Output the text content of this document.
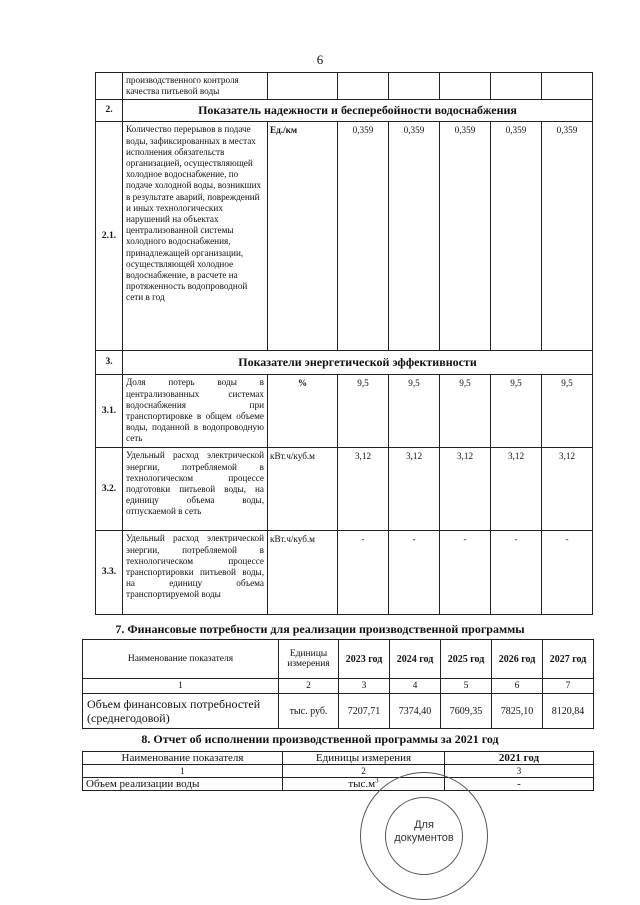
6
	производственного контроля качества питьевой воды						
2.	Показатель надежности и бесперебойности водоснабжения						
2.1.	Количество перерывов в подаче воды, зафиксированных в местах исполнения обязательств организацией, осуществляющей холодное водоснабжение, по подаче холодной воды, возникших в результате аварий, повреждений и иных технологических нарушений на объектах централизованной системы холодного водоснабжения, принадлежащей организации, осуществляющей холодное водоснабжение, в расчете на протяженность водопроводной сети в год	Ед./км	0,359	0,359	0,359	0,359	0,359
3.	Показатели энергетической эффективности						
3.1.	Доля потерь воды в централизованных системах водоснабжения при транспортировке в общем объеме воды, поданной в водопроводную сеть	%	9,5	9,5	9,5	9,5	9,5
3.2.	Удельный расход электрической энергии, потребляемой в технологическом процессе подготовки питьевой воды, на единицу объема воды, отпускаемой в сеть	кВт.ч/куб.м	3,12	3,12	3,12	3,12	3,12
3.3.	Удельный расход электрической энергии, потребляемой в технологическом процессе транспортировки питьевой воды, на единицу объема транспортируемой воды	кВт.ч/куб.м	-	-	-	-	-
7. Финансовые потребности для реализации производственной программы
Наименование показателя	Единицы измерения	2023 год	2024 год	2025 год	2026 год	2027 год
1	2	3	4	5	6	7
Объем финансовых потребностей (среднегодовой)	тыс. руб.	7207,71	7374,40	7609,35	7825,10	8120,84
8. Отчет об исполнении производственной программы за 2021 год
Наименование показателя	Единицы измерения	2021 год
1	2	3
Объем реализации воды	$тыс.м^3$	-
Для документов
